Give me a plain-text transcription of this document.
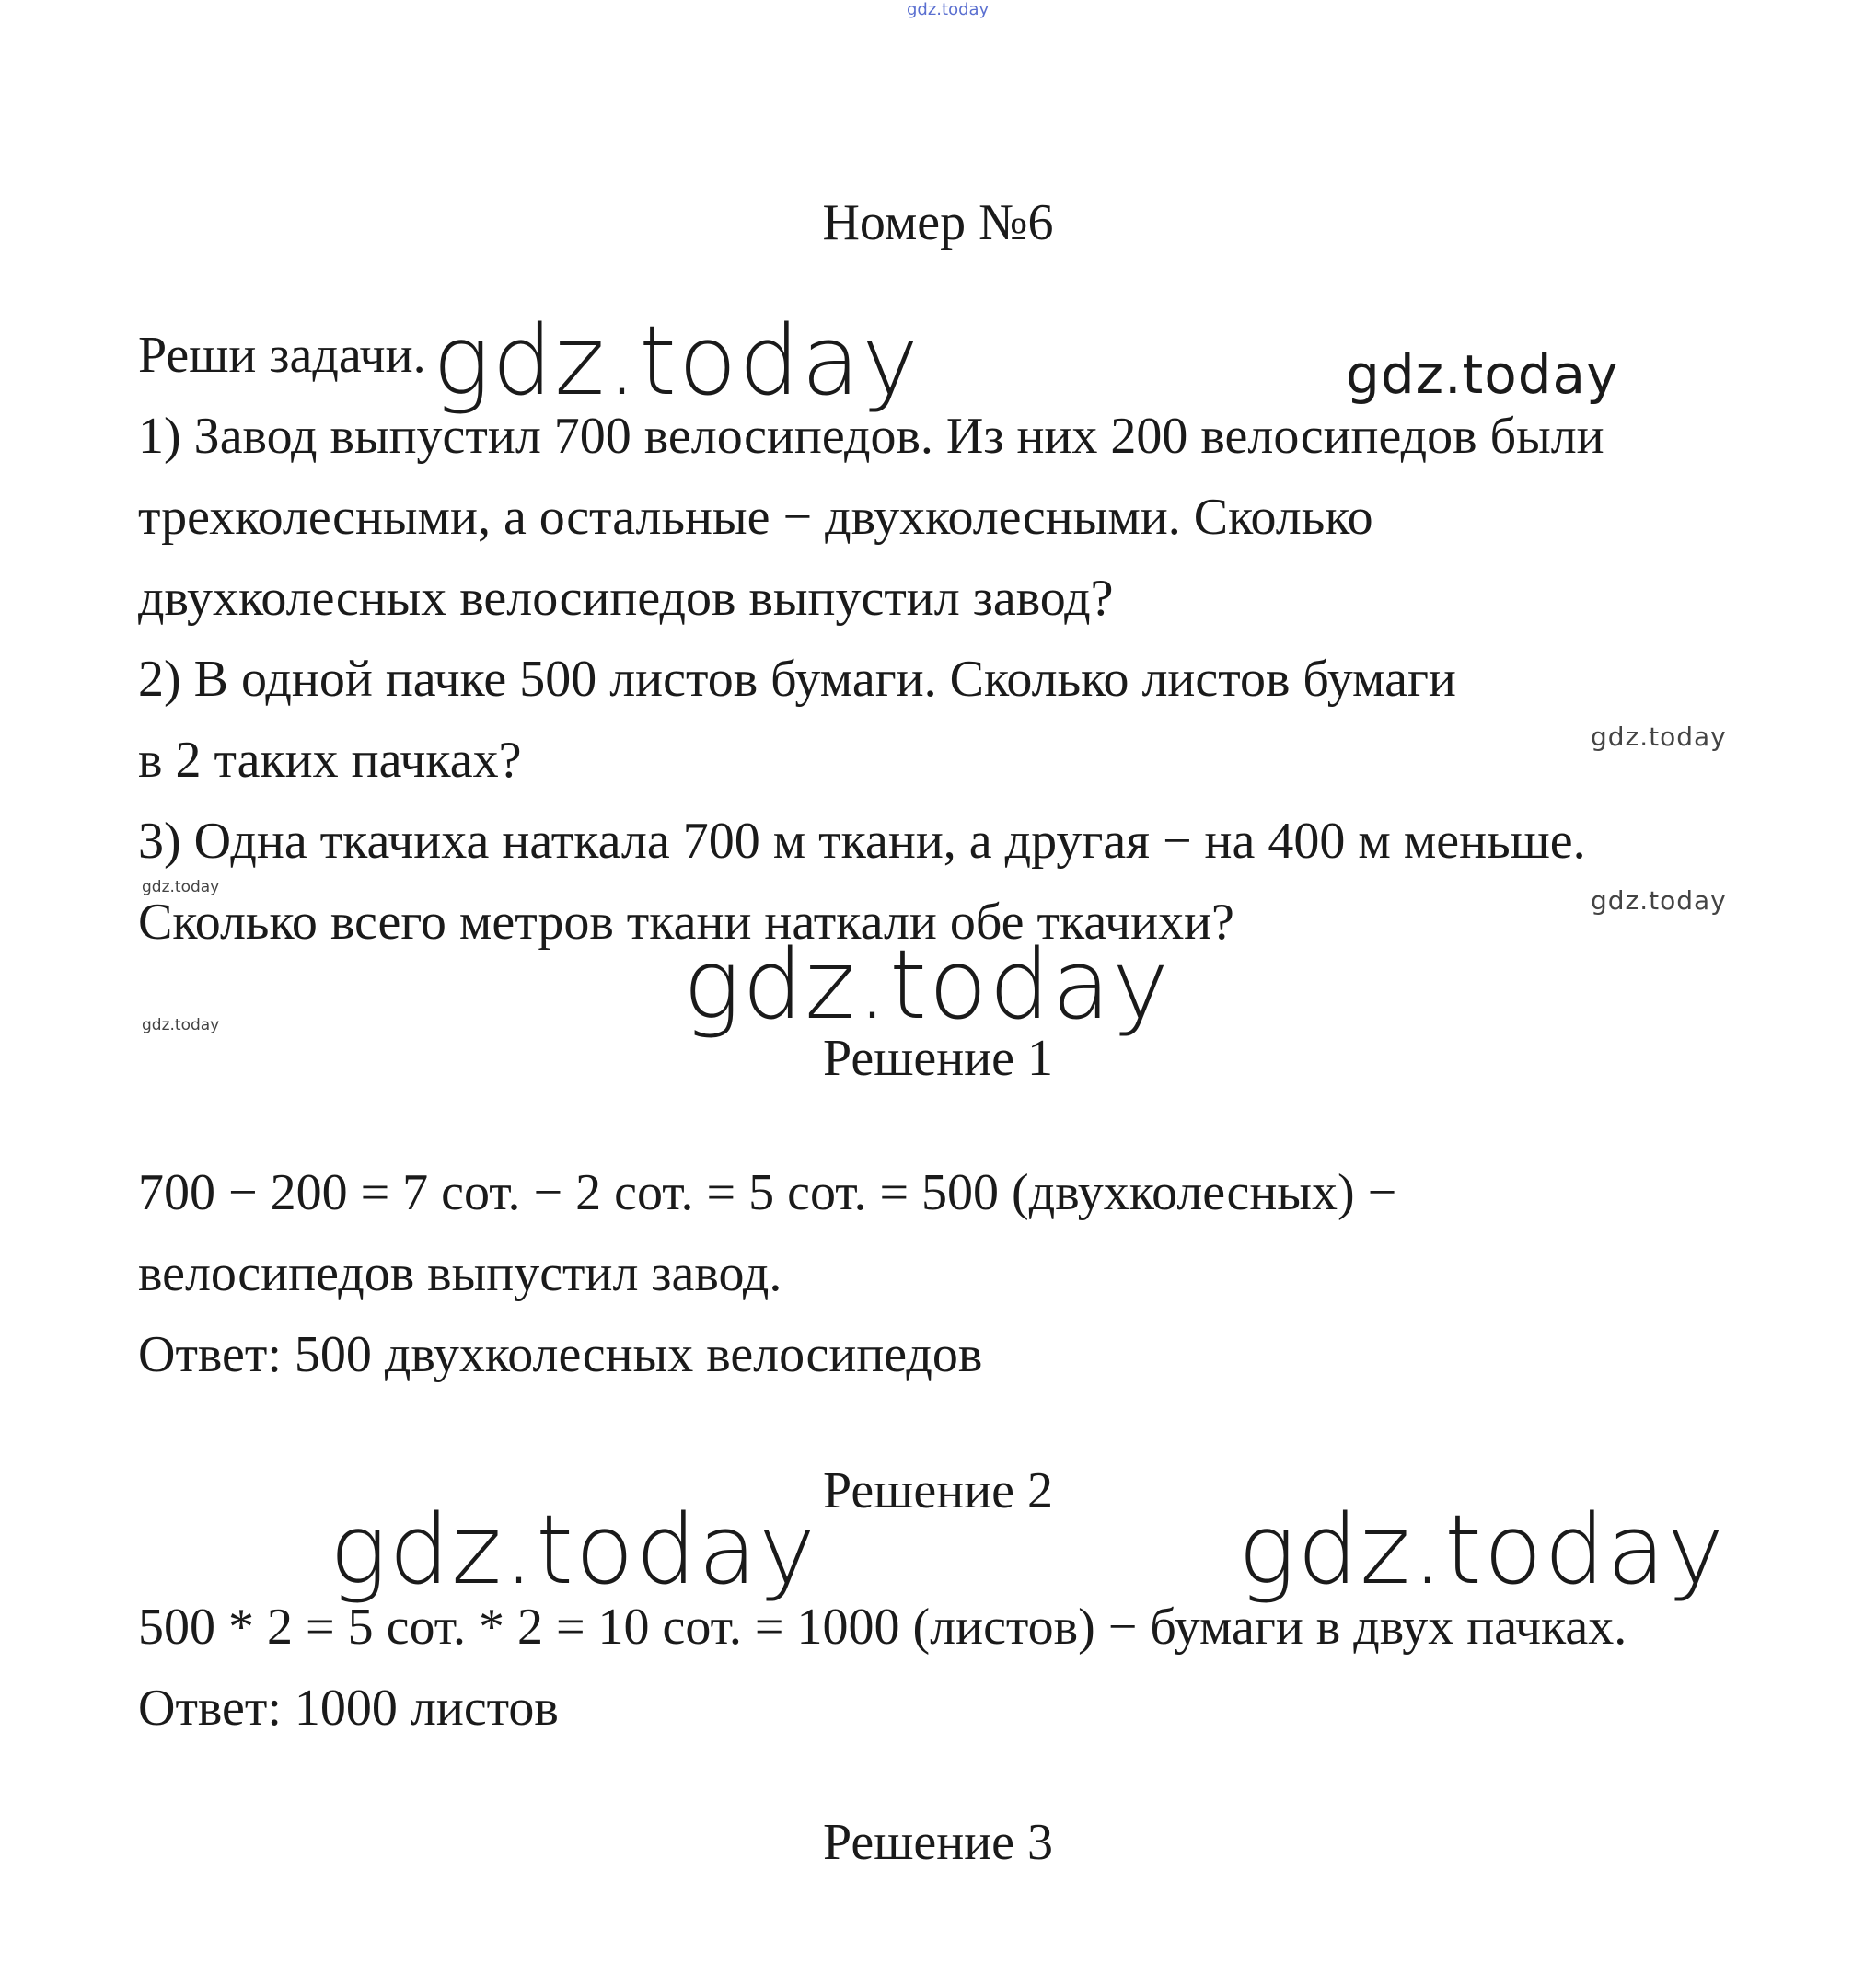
gdz.today
gdz.today	gdz.today
gdz.today
gdz.today	gdz.today
gdz.today
gdz.today
gdz.today	gdz.today
Номер №6
Реши задачи.
1) Завод выпустил 700 велосипедов. Из них 200 велосипедов были
трехколесными, а остальные − двухколесными. Сколько
двухколесных велосипедов выпустил завод?
2) В одной пачке 500 листов бумаги. Сколько листов бумаги
в 2 таких пачках?
3) Одна ткачиха наткала 700 м ткани, а другая − на 400 м меньше.
Сколько всего метров ткани наткали обе ткачихи?
Решение 1
700 − 200 = 7 сот. − 2 сот. = 5 сот. = 500 (двухколесных) −
велосипедов выпустил завод.
Ответ: 500 двухколесных велосипедов
Решение 2
500 * 2 = 5 сот. * 2 = 10 сот. = 1000 (листов) − бумаги в двух пачках.
Ответ: 1000 листов
Решение 3
